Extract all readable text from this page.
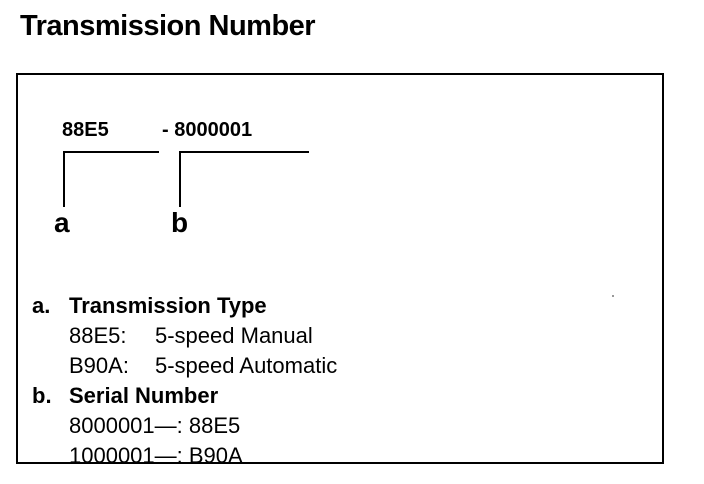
Transmission Number
88E5	- 8000001
a	b
a. Transmission Type
88E5: 5-speed Manual
B90A: 5-speed Automatic
b. Serial Number
8000001—: 88E5
1000001—: B90A
